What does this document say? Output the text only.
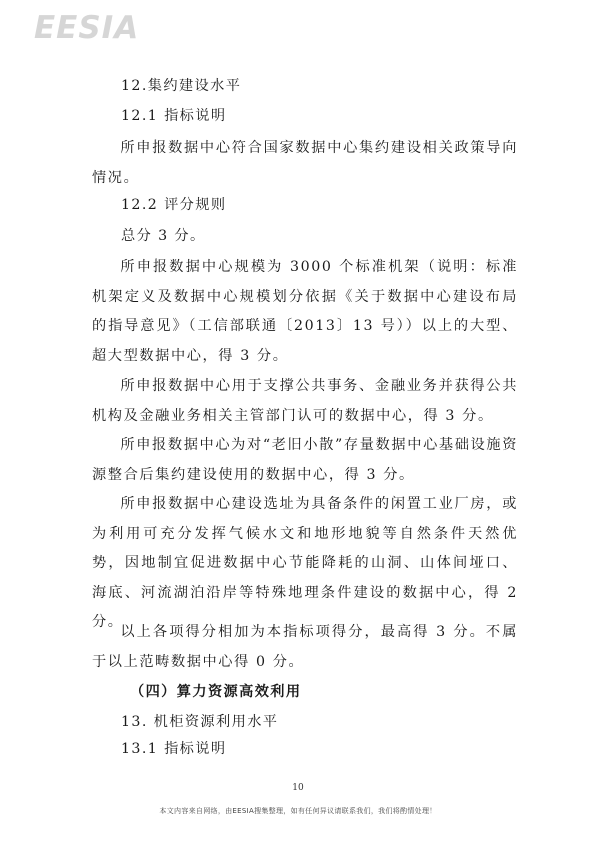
EESIA
12.集约建设水平
12.1 指标说明

所申报数据中心符合国家数据中心集约建设相关政策导向情况。

12.2 评分规则
总分 3 分。

所申报数据中心规模为 3000 个标准机架（说明：标准机架定义及数据中心规模划分依据《关于数据中心建设布局的指导意见》（工信部联通〔2013〕13 号））以上的大型、超大型数据中心，得 3 分。

所申报数据中心用于支撑公共事务、金融业务并获得公共机构及金融业务相关主管部门认可的数据中心，得 3 分。

所申报数据中心为对“老旧小散”存量数据中心基础设施资源整合后集约建设使用的数据中心，得 3 分。

所申报数据中心建设选址为具备条件的闲置工业厂房，或为利用可充分发挥气候水文和地形地貌等自然条件天然优势，因地制宜促进数据中心节能降耗的山洞、山体间垭口、海底、河流湖泊沿岸等特殊地理条件建设的数据中心，得 2 分。

以上各项得分相加为本指标项得分，最高得 3 分。不属于以上范畴数据中心得 0 分。

（四）算力资源高效利用
13. 机柜资源利用水平
13.1 指标说明
10
本文内容来自网络，由EESIA搜集整理，如有任何异议请联系我们，我们将酌情处理！
